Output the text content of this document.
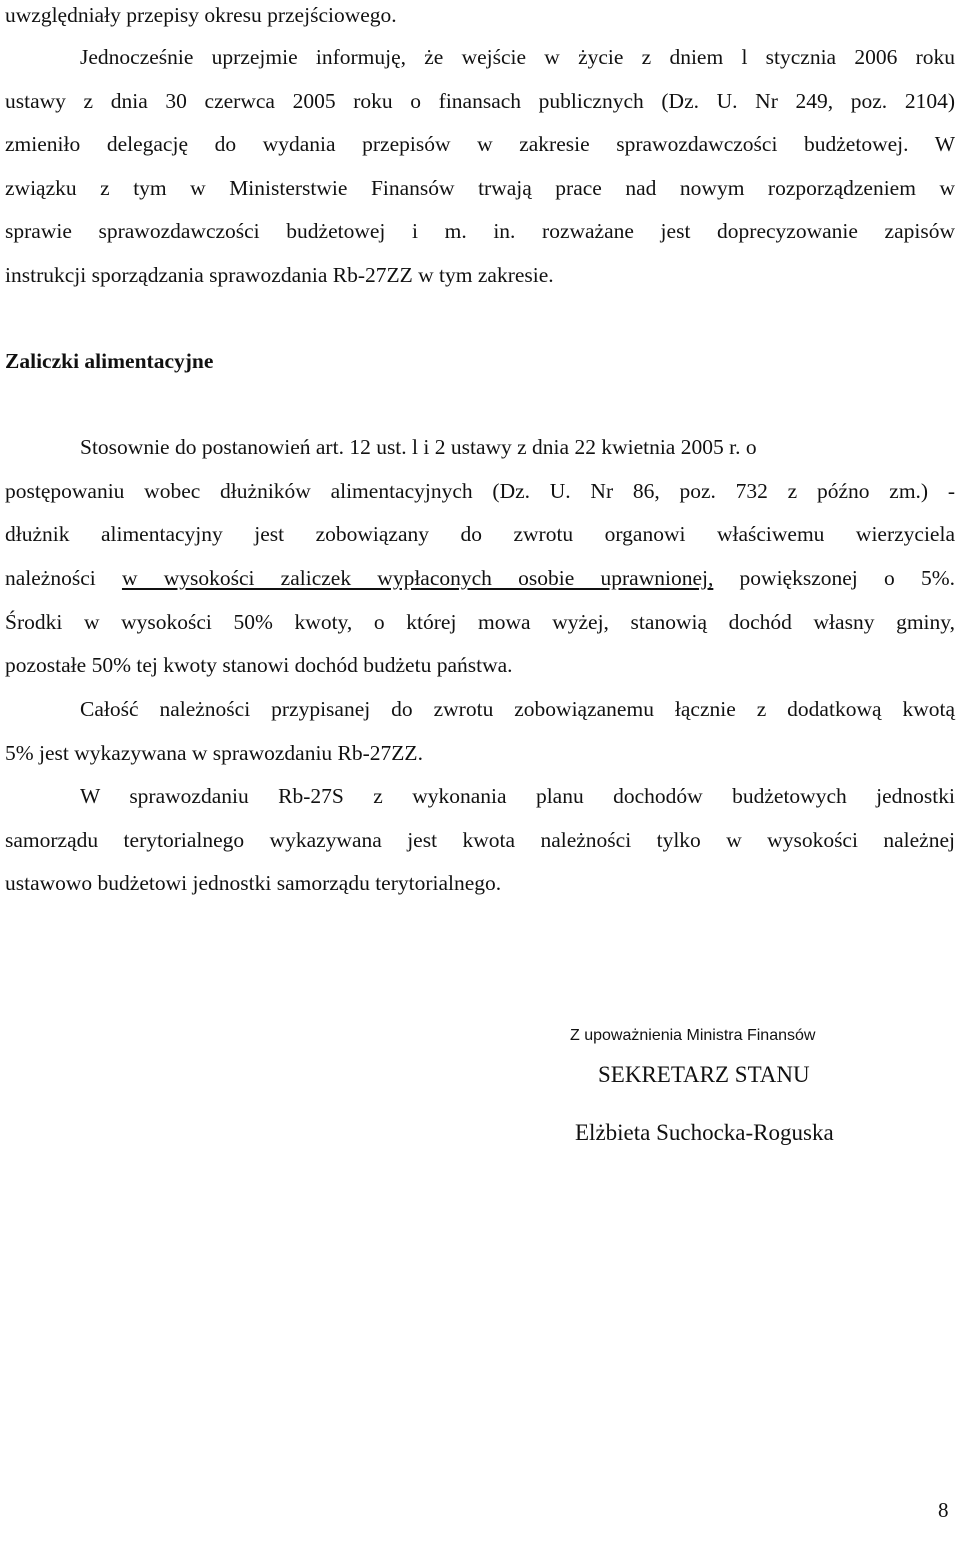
uwzględniały przepisy okresu przejściowego.

Jednocześnie uprzejmie informuję, że wejście w życie z dniem l stycznia 2006 roku

ustawy z dnia 30 czerwca 2005 roku o finansach publicznych (Dz. U. Nr 249, poz. 2104)

zmieniło delegację do wydania przepisów w zakresie sprawozdawczości budżetowej. W

związku z tym w Ministerstwie Finansów trwają prace nad nowym rozporządzeniem w

sprawie sprawozdawczości budżetowej i m. in. rozważane jest doprecyzowanie zapisów

instrukcji sporządzania sprawozdania Rb-27ZZ w tym zakresie.

Zaliczki alimentacyjne

Stosownie do postanowień art. 12 ust. l i 2 ustawy z dnia 22 kwietnia 2005 r. o

postępowaniu wobec dłużników alimentacyjnych (Dz. U. Nr 86, poz. 732 z późno zm.) -

dłużnik alimentacyjny jest zobowiązany do zwrotu organowi właściwemu wierzyciela

należności w wysokości zaliczek wypłaconych osobie uprawnionej, powiększonej o 5%.

Środki w wysokości 50% kwoty, o której mowa wyżej, stanowią dochód własny gminy,

pozostałe 50% tej kwoty stanowi dochód budżetu państwa.

Całość należności przypisanej do zwrotu zobowiązanemu łącznie z dodatkową kwotą

5% jest wykazywana w sprawozdaniu Rb-27ZZ.

W sprawozdaniu Rb-27S z wykonania planu dochodów budżetowych jednostki

samorządu terytorialnego wykazywana jest kwota należności tylko w wysokości należnej

ustawowo budżetowi jednostki samorządu terytorialnego.

Z upoważnienia Ministra Finansów
SEKRETARZ STANU
Elżbieta Suchocka-Roguska
8
